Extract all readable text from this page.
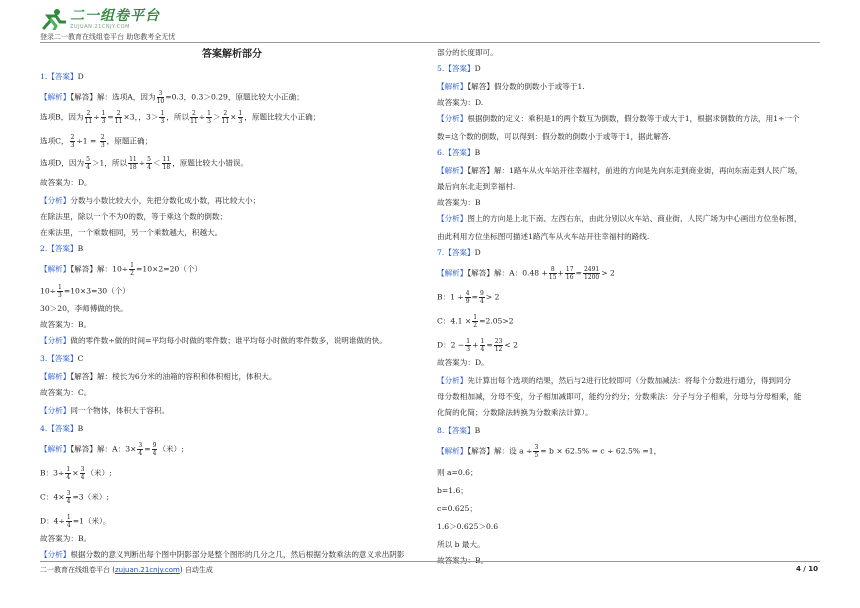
二一组卷平台
ZUJUAN.21CNJY.COM
登录二一教育在线组卷平台 助您教考全无忧
答案解析部分
1.【答案】D
【解析】【解答】解：选项A，因为 $\frac{3}{10} =0.3$，0.3＞0.29，原题比较大小正确；
选项B，因为 $\frac{2}{11} \div \frac{1}{3} = \frac{2}{11} \times 3$，，$3> \frac{1}{3}$ ，所以 $\frac{2}{11} \div \frac{1}{3} > \frac{2}{11} \times \frac{1}{3}$ ，原题比较大小正确；
选项C， $\frac{2}{3} \div 1 = \frac{2}{3}$ ，原题正确；
选项D，因为 $\frac{5}{4} >1$，所以 $\frac{11}{18} \div \frac{5}{4} < \frac{11}{18}$ ，原题比较大小错误。
故答案为：D。
【分析】分数与小数比较大小，先把分数化成小数，再比较大小；
在除法里，除以一个不为0的数，等于乘这个数的倒数；
在乘法里，一个乘数相同，另一个乘数越大，积越大。
2.【答案】B
【解析】【解答】解：$10\div \frac{1}{2} =10\times 2=20$（个）
$10\div \frac{1}{3} =10\times 3=30$（个）
30＞20，李师傅做的快。
故答案为：B。
【分析】做的零件数÷做的时间=平均每小时做的零件数；谁平均每小时做的零件数多，说明谁做的快。
3.【答案】C
【解析】【解答】解：棱长为6分米的油箱的容积和体积相比，体积大。
故答案为：C。
【分析】同一个物体，体积大于容积。
4.【答案】B
【解析】【解答】解：A：$3\times \frac{3}{4} = \frac{9}{4}$ （米）;
B：$3\div \frac{1}{4} \times \frac{3}{4}$ （米）;
C：$4\times \frac{3}{4} =3$（米）;
D：$4\div \frac{1}{4} =1$（米）。
故答案为：B。
【分析】根据分数的意义判断出每个图中阴影部分是整个图形的几分之几，然后根据分数乘法的意义求出阴影
部分的长度即可。
5.【答案】D
【解析】【解答】假分数的倒数小于或等于1.
故答案为：D.
【分析】根据倒数的定义：乘积是1的两个数互为倒数，假分数等于或大于1，根据求倒数的方法，用1÷一个
数=这个数的倒数，可以得到：假分数的倒数小于或等于1，据此解答.
6.【答案】B
【解析】【解答】解：1路车从火车站开往幸福村，前进的方向是先向东走到商业街，再向东南走到人民广场，
最后向东北走到幸福村.
故答案为：B
【分析】图上的方向是上北下南、左西右东，由此分别以火车站、商业街、人民广场为中心画出方位坐标图，
由此利用方位坐标图可描述1路汽车从火车站开往幸福村的路线.
7.【答案】D
【解析】【解答】解：A：$0.48 + \frac{8}{15} + \frac{17}{16} = \frac{2491}{1200} > 2$
B：$1 \div \frac{4}{9} = \frac{9}{4} > 2$
C：$4.1 \times \frac{1}{2} =2.05>2$
D：$2 - \frac{1}{3} + \frac{1}{4} = \frac{23}{12} < 2$
故答案为：D。
【分析】先计算出每个选项的结果，然后与2进行比较即可（分数加减法：将每个分数进行通分，得到同分
母分数相加减，分母不变，分子相加减即可，能约分约分；分数乘法：分子与分子相乘，分母与分母相乘，能
化简的化简；分数除法转换为分数乘法计算）。
8.【答案】B
【解析】【解答】解：设 $a \div \frac{3}{5} = b \times 62.5\% = c \div 62.5\% =1$，
则 a=0.6；
b=1.6；
c=0.625；
1.6＞0.625＞0.6
所以 b 最大。
故答案为：B。
二一教育在线组卷平台 (zujuan.21cnjy.com) 自动生成	4 / 10
